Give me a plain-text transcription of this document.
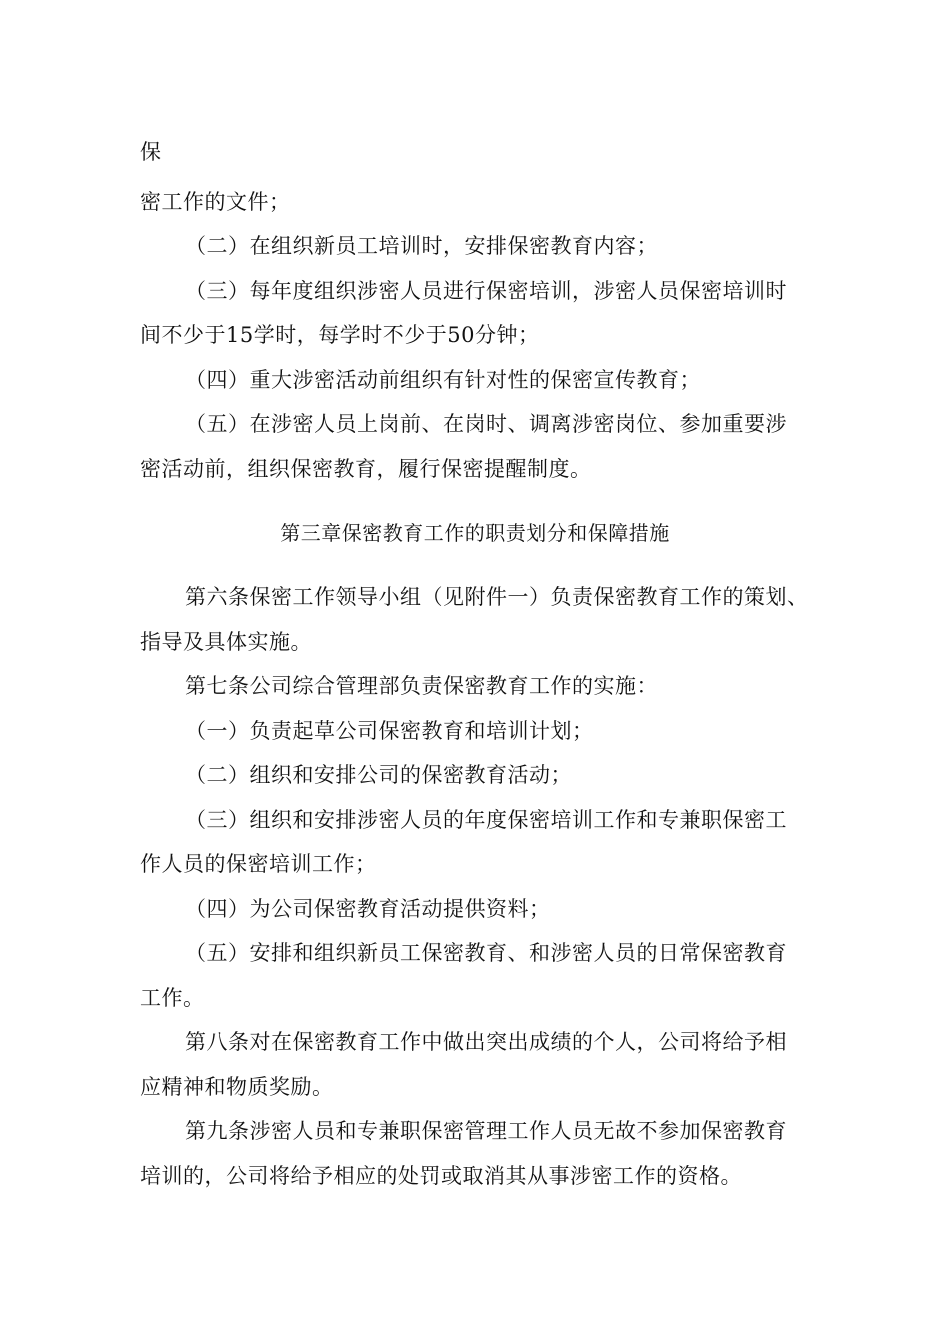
保
密工作的文件；
（二）在组织新员工培训时，安排保密教育内容；
（三）每年度组织涉密人员进行保密培训，涉密人员保密培训时
间不少于15学时，每学时不少于50分钟；
（四）重大涉密活动前组织有针对性的保密宣传教育；
（五）在涉密人员上岗前、在岗时、调离涉密岗位、参加重要涉
密活动前，组织保密教育，履行保密提醒制度。
第三章保密教育工作的职责划分和保障措施
第六条保密工作领导小组（见附件一）负责保密教育工作的策划、
指导及具体实施。
第七条公司综合管理部负责保密教育工作的实施：
（一）负责起草公司保密教育和培训计划；
（二）组织和安排公司的保密教育活动；
（三）组织和安排涉密人员的年度保密培训工作和专兼职保密工
作人员的保密培训工作；
（四）为公司保密教育活动提供资料；
（五）安排和组织新员工保密教育、和涉密人员的日常保密教育
工作。
第八条对在保密教育工作中做出突出成绩的个人，公司将给予相
应精神和物质奖励。
第九条涉密人员和专兼职保密管理工作人员无故不参加保密教育
培训的，公司将给予相应的处罚或取消其从事涉密工作的资格。
